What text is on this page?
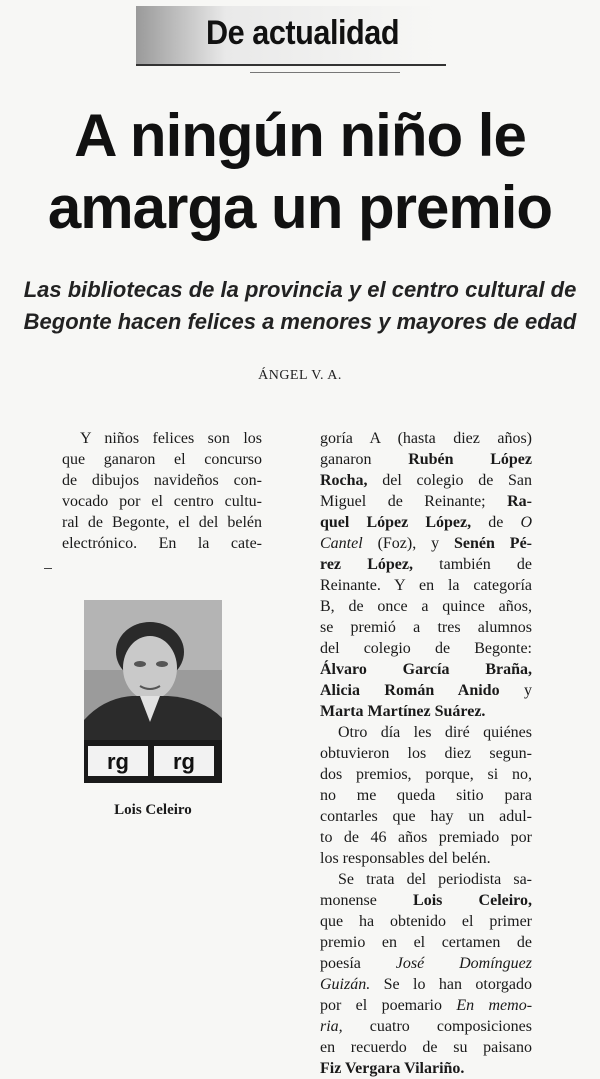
De actualidad
A ningún niño le
amarga un premio
Las bibliotecas de la provincia y el centro cultural de
Begonte hacen felices a menores y mayores de edad
ÁNGEL V. A.
Y niños felices son los
que ganaron el concurso
de dibujos navideños con-
vocado por el centro cultu-
ral de Begonte, el del belén
electrónico. En la cate-
rg rg
Lois Celeiro
goría A (hasta diez años)
ganaron Rubén López
Rocha, del colegio de San
Miguel de Reinante; Ra-
quel López López, de O
Cantel (Foz), y Senén Pé-
rez López, también de
Reinante. Y en la categoría
B, de once a quince años,
se premió a tres alumnos
del colegio de Begonte:
Álvaro García Braña,
Alicia Román Anido y
Marta Martínez Suárez.
Otro día les diré quiénes
obtuvieron los diez segun-
dos premios, porque, si no,
no me queda sitio para
contarles que hay un adul-
to de 46 años premiado por
los responsables del belén.
Se trata del periodista sa-
monense Lois Celeiro,
que ha obtenido el primer
premio en el certamen de
poesía José Domínguez
Guizán. Se lo han otorgado
por el poemario En memo-
ria, cuatro composiciones
en recuerdo de su paisano
Fiz Vergara Vilariño.
